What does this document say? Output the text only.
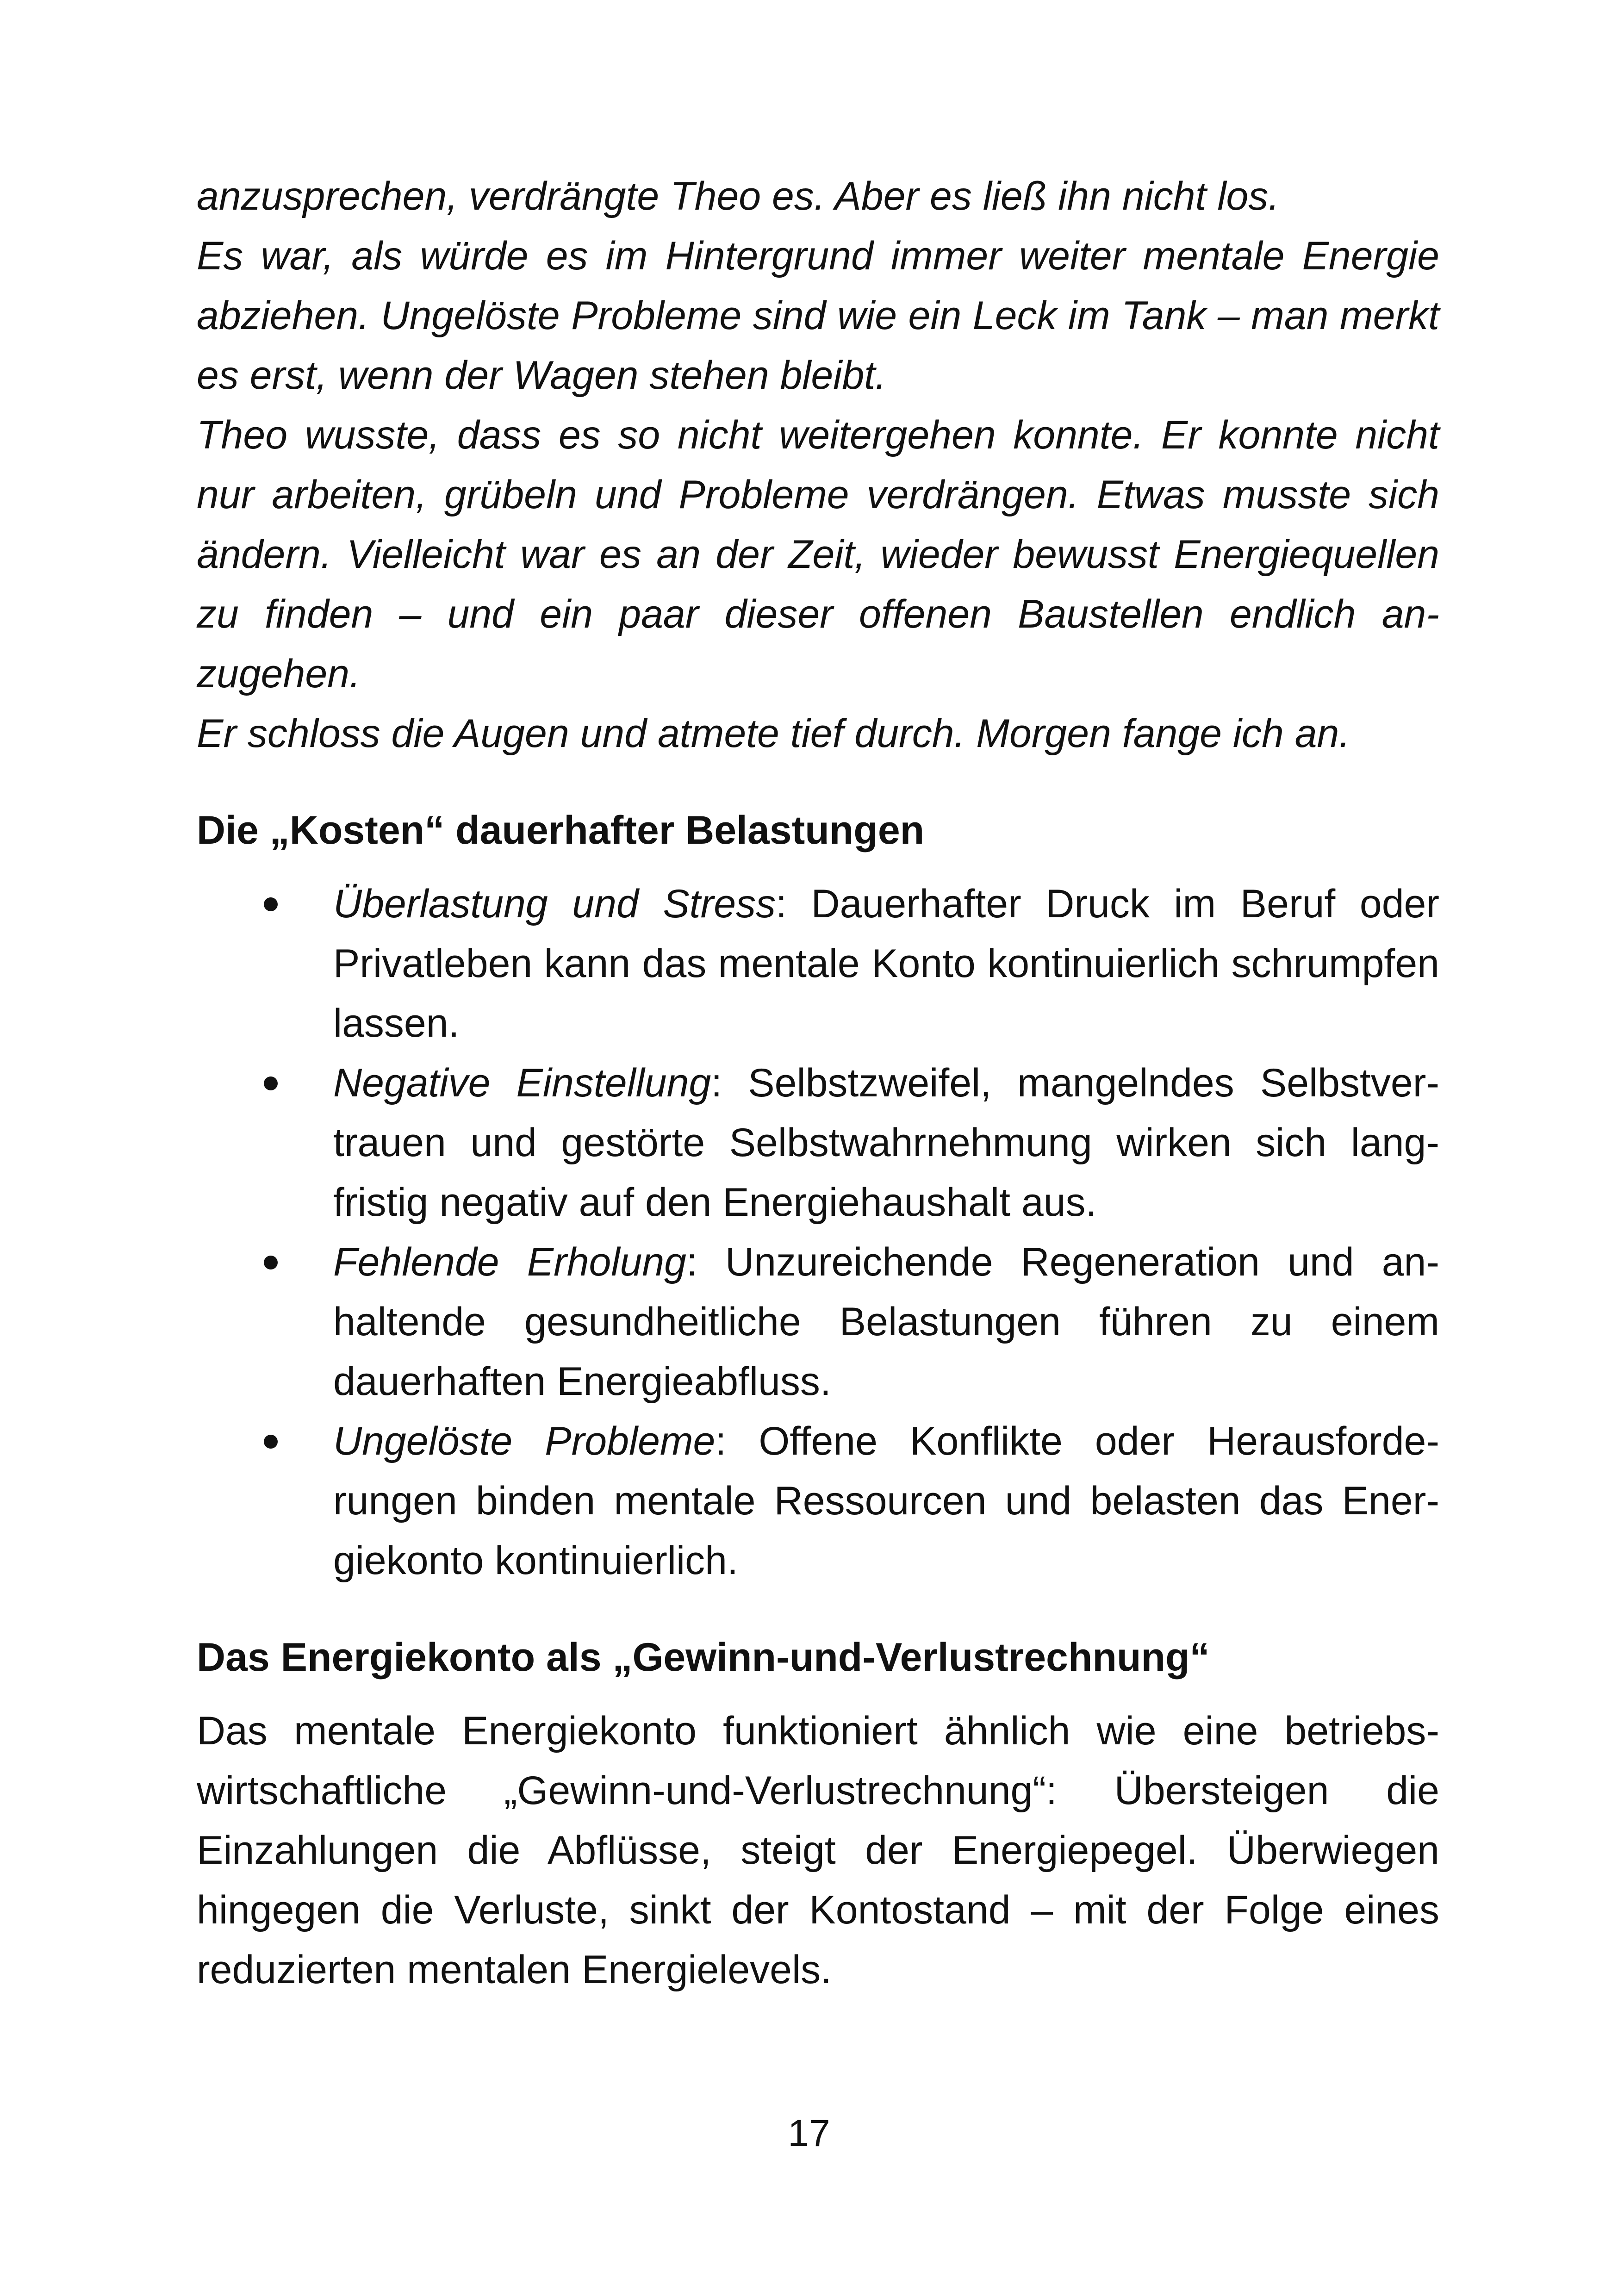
anzusprechen, verdrängte Theo es. Aber es ließ ihn nicht los.

Es war, als würde es im Hintergrund immer weiter mentale Energie abziehen. Ungelöste Probleme sind wie ein Leck im Tank – man merkt es erst, wenn der Wagen stehen bleibt.

Theo wusste, dass es so nicht weitergehen konnte. Er konnte nicht nur arbeiten, grübeln und Probleme verdrängen. Etwas musste sich ändern. Vielleicht war es an der Zeit, wieder bewusst Energiequellen zu finden – und ein paar dieser offenen Baustellen endlich anzugehen.

Er schloss die Augen und atmete tief durch. Morgen fange ich an.

Die „Kosten“ dauerhafter Belastungen
Überlastung und Stress: Dauerhafter Druck im Beruf oder Privatleben kann das mentale Konto kontinuierlich schrumpfen lassen.
Negative Einstellung: Selbstzweifel, mangelndes Selbstvertrauen und gestörte Selbstwahrnehmung wirken sich langfristig negativ auf den Energiehaushalt aus.
Fehlende Erholung: Unzureichende Regeneration und anhaltende gesundheitliche Belastungen führen zu einem dauerhaften Energieabfluss.
Ungelöste Probleme: Offene Konflikte oder Herausforderungen binden mentale Ressourcen und belasten das Energiekonto kontinuierlich.
Das Energiekonto als „Gewinn-und-Verlustrechnung“

Das mentale Energiekonto funktioniert ähnlich wie eine betriebswirtschaftliche „Gewinn-und-Verlustrechnung“: Übersteigen die Einzahlungen die Abflüsse, steigt der Energiepegel. Überwiegen hingegen die Verluste, sinkt der Kontostand – mit der Folge eines reduzierten mentalen Energielevels.

17
